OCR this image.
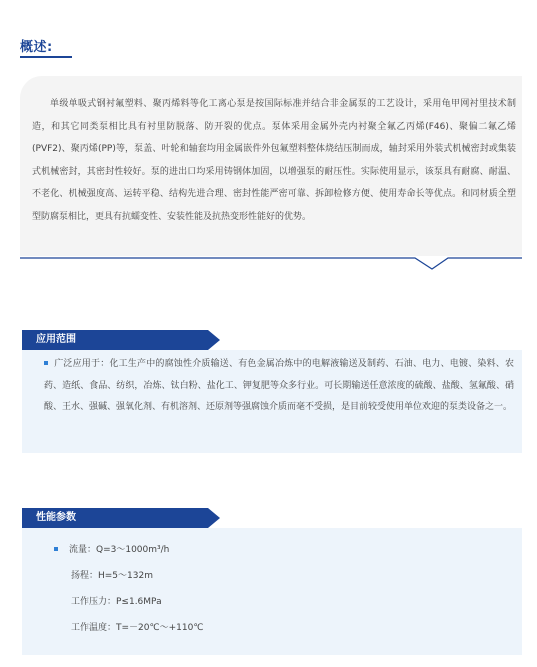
概述:

单级单吸式钢衬氟塑料、聚丙烯料等化工离心泵是按国际标准并结合非金属泵的工艺设计，采用龟甲网衬里技术制造，和其它同类泵相比具有衬里防脱落、防开裂的优点。泵体采用金属外壳内衬聚全氟乙丙烯(F46)、聚偏二氟乙烯(PVF2)、聚丙烯(PP)等，泵盖、叶轮和轴套均用金属嵌件外包氟塑料整体烧结压制而成，轴封采用外装式机械密封或集装式机械密封，其密封性较好。泵的进出口均采用铸钢体加固，以增强泵的耐压性。实际使用显示，该泵具有耐腐、耐温、不老化、机械强度高、运转平稳、结构先进合理、密封性能严密可靠、拆卸检修方便、使用寿命长等优点。和同材质全塑型防腐泵相比，更具有抗蠕变性、安装性能及抗热变形性能好的优势。

应用范围

广泛应用于：化工生产中的腐蚀性介质输送、有色金属冶炼中的电解液输送及制药、石油、电力、电镀、染料、农药、造纸、食品、纺织，冶炼、钛白粉、盐化工、钾复肥等众多行业。可长期输送任意浓度的硫酸、盐酸、氢氟酸、硝酸、王水、强碱、强氧化剂、有机溶剂、还原剂等强腐蚀介质而毫不受损，是目前较受使用单位欢迎的泵类设备之一。

性能参数
流量：Q=3～1000m³/h
扬程：H=5～132m
工作压力：P≤1.6MPa
工作温度：T=－20℃～+110℃
